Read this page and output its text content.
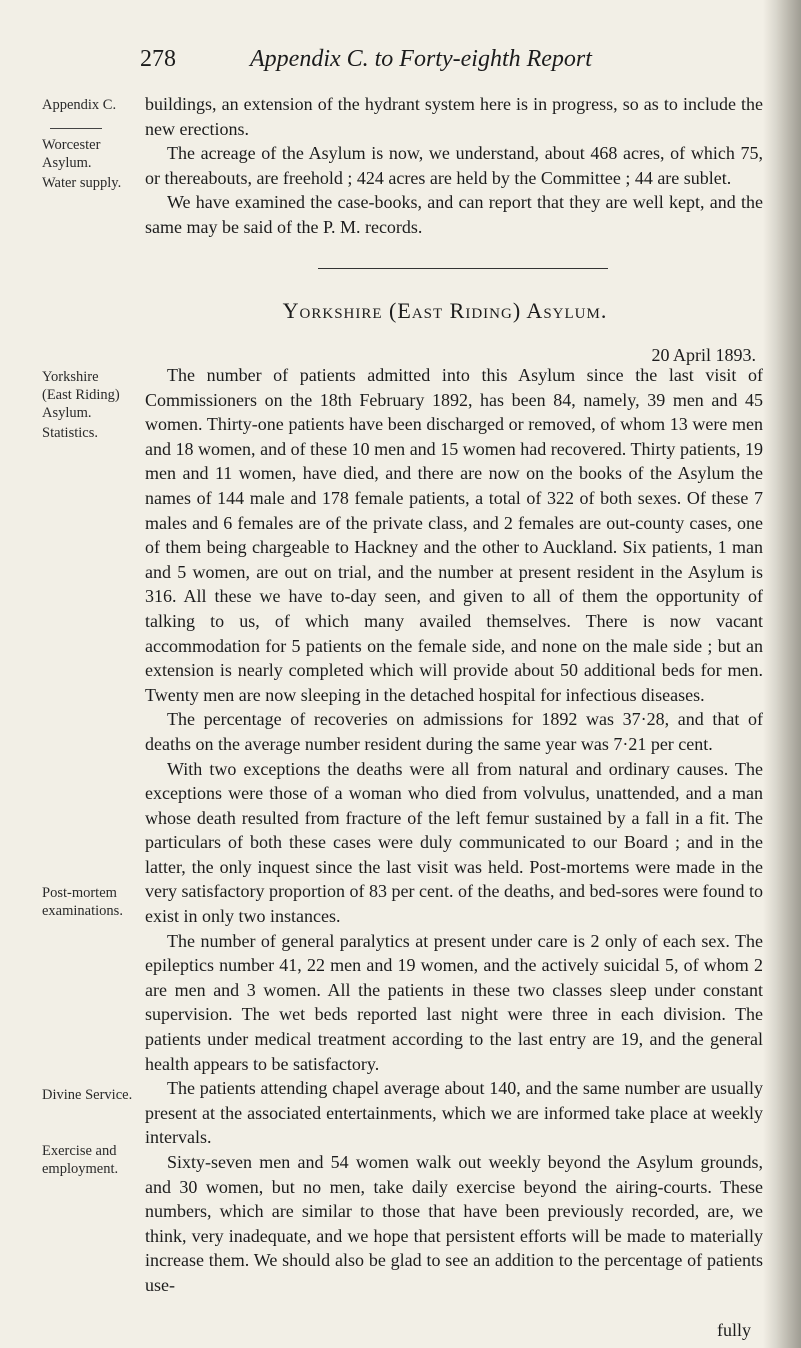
278	Appendix C. to Forty-eighth Report
Appendix C.
Worcester
Asylum.
Water supply.
Yorkshire
(East Riding)
Asylum.
Statistics.
Post-mortem
examinations.
Divine Service.
Exercise and
employment.

buildings, an extension of the hydrant system here is in progress, so as to include the new erections.

The acreage of the Asylum is now, we understand, about 468 acres, of which 75, or thereabouts, are freehold ; 424 acres are held by the Committee ; 44 are sublet.

We have examined the case-books, and can report that they are well kept, and the same may be said of the P. M. records.

Yorkshire (East Riding) Asylum.
20 April 1893.

The number of patients admitted into this Asylum since the last visit of Commissioners on the 18th February 1892, has been 84, namely, 39 men and 45 women. Thirty-one patients have been discharged or removed, of whom 13 were men and 18 women, and of these 10 men and 15 women had recovered. Thirty patients, 19 men and 11 women, have died, and there are now on the books of the Asylum the names of 144 male and 178 female patients, a total of 322 of both sexes. Of these 7 males and 6 females are of the private class, and 2 females are out-county cases, one of them being chargeable to Hackney and the other to Auckland. Six patients, 1 man and 5 women, are out on trial, and the number at present resident in the Asylum is 316. All these we have to-day seen, and given to all of them the opportunity of talking to us, of which many availed themselves. There is now vacant accommodation for 5 patients on the female side, and none on the male side ; but an extension is nearly completed which will provide about 50 additional beds for men. Twenty men are now sleeping in the detached hospital for infectious diseases.

The percentage of recoveries on admissions for 1892 was 37·28, and that of deaths on the average number resident during the same year was 7·21 per cent.

With two exceptions the deaths were all from natural and ordinary causes. The exceptions were those of a woman who died from volvulus, unattended, and a man whose death resulted from fracture of the left femur sustained by a fall in a fit. The particulars of both these cases were duly communicated to our Board ; and in the latter, the only inquest since the last visit was held. Post-mortems were made in the very satisfactory proportion of 83 per cent. of the deaths, and bed-sores were found to exist in only two instances.

The number of general paralytics at present under care is 2 only of each sex. The epileptics number 41, 22 men and 19 women, and the actively suicidal 5, of whom 2 are men and 3 women. All the patients in these two classes sleep under constant supervision. The wet beds reported last night were three in each division. The patients under medical treatment according to the last entry are 19, and the general health appears to be satisfactory.

The patients attending chapel average about 140, and the same number are usually present at the associated entertainments, which we are informed take place at weekly intervals.

Sixty-seven men and 54 women walk out weekly beyond the Asylum grounds, and 30 women, but no men, take daily exercise beyond the airing-courts. These numbers, which are similar to those that have been previously recorded, are, we think, very inadequate, and we hope that persistent efforts will be made to materially increase them. We should also be glad to see an addition to the percentage of patients use-

fully
